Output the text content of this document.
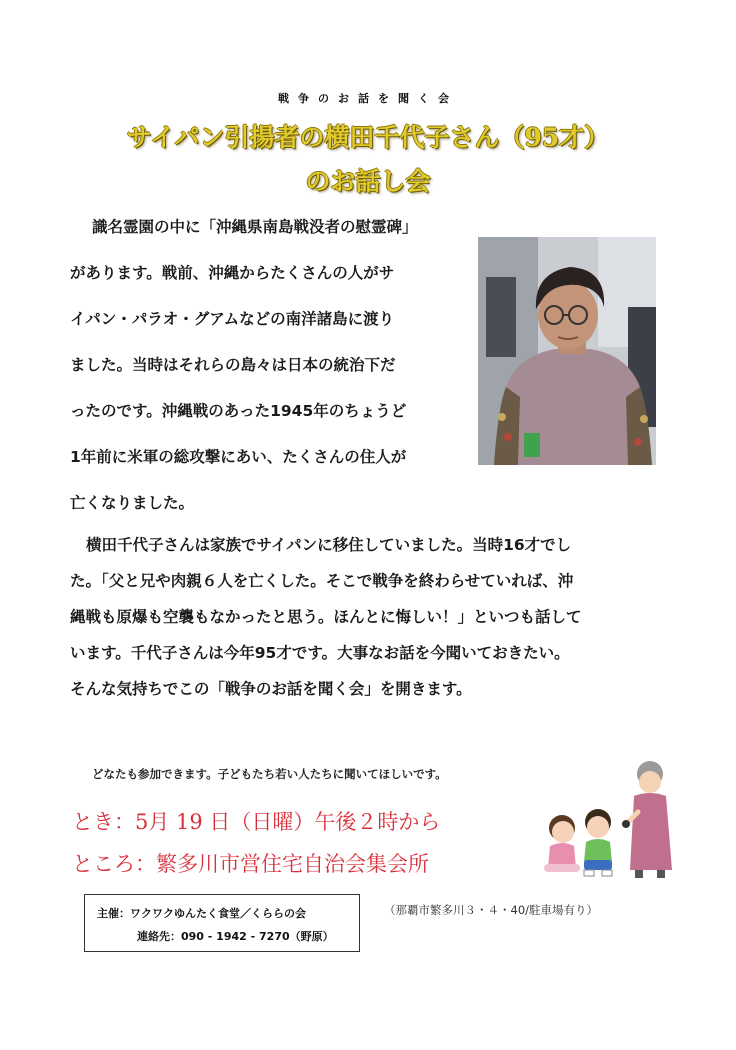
戦争のお話を聞く会
サイパン引揚者の横田千代子さん（95才）
のお話し会
識名霊園の中に「沖縄県南島戦没者の慰霊碑」
があります。戦前、沖縄からたくさんの人がサ
イパン・パラオ・グアムなどの南洋諸島に渡り
ました。当時はそれらの島々は日本の統治下だ
ったのです。沖縄戦のあった1945年のちょうど
1年前に米軍の総攻撃にあい、たくさんの住人が
亡くなりました。
横田千代子さんは家族でサイパンに移住していました。当時16才でし
た。「父と兄や肉親６人を亡くした。そこで戦争を終わらせていれば、沖
縄戦も原爆も空襲もなかったと思う。ほんとに悔しい！」といつも話して
います。千代子さんは今年95才です。大事なお話を今聞いておきたい。
そんな気持ちでこの「戦争のお話を聞く会」を開きます。
どなたも参加できます。子どもたち若い人たちに聞いてほしいです。
とき：5月 19 日（日曜）午後２時から
ところ：繁多川市営住宅自治会集会所
主催：ワクワクゆんたく食堂／くららの会
連絡先：090 - 1942 - 7270（野原）
（那覇市繁多川３・４・40/駐車場有り）
